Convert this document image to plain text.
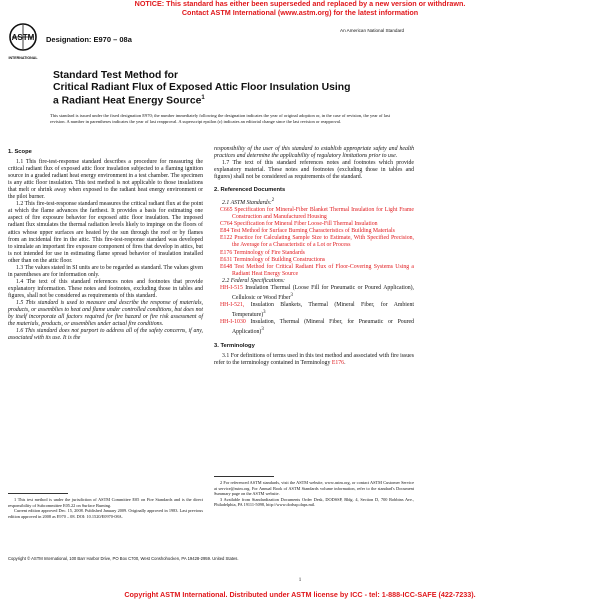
NOTICE: This standard has either been superseded and replaced by a new version or withdrawn.
Contact ASTM International (www.astm.org) for the latest information
ASTM
INTERNATIONAL
Designation: E970 – 08a
An American National Standard
Standard Test Method for
Critical Radiant Flux of Exposed Attic Floor Insulation Using
a Radiant Heat Energy Source$^1$
This standard is issued under the fixed designation E970; the number immediately following the designation indicates the year of original adoption or, in the case of revision, the year of last revision. A number in parentheses indicates the year of last reapproval. A superscript epsilon (ε) indicates an editorial change since the last revision or reapproval.

1. Scope

1.1 This fire-test-response standard describes a procedure for measuring the critical radiant flux of exposed attic floor insulation subjected to a flaming ignition source in a graded radiant heat energy environment in a test chamber. The specimen is any attic floor insulation. This test method is not applicable to those insulations that melt or shrink away when exposed to the radiant heat energy environment or the pilot burner.

1.2 This fire-test-response standard measures the critical radiant flux at the point at which the flame advances the farthest. It provides a basis for estimating one aspect of fire exposure behavior for exposed attic floor insulation. The imposed radiant flux simulates the thermal radiation levels likely to impinge on the floors of attics whose upper surfaces are heated by the sun through the roof or by flames from an incidental fire in the attic. This fire-test-response standard was developed to simulate an important fire exposure component of fires that develop in attics, but is not intended for use in estimating flame spread behavior of insulation installed other than on the attic floor.

1.3 The values stated in SI units are to be regarded as standard. The values given in parentheses are for information only.

1.4 The text of this standard references notes and footnotes that provide explanatory information. These notes and footnotes, excluding those in tables and figures, shall not be considered as requirements of this standard.

1.5 This standard is used to measure and describe the response of materials, products, or assemblies to heat and flame under controlled conditions, but does not by itself incorporate all factors required for fire hazard or fire risk assessment of the materials, products, or assemblies under actual fire conditions.

1.6 This standard does not purport to address all of the safety concerns, if any, associated with its use. It is the

responsibility of the user of this standard to establish appropriate safety and health practices and determine the applicability of regulatory limitations prior to use.

1.7 The text of this standard references notes and footnotes which provide explanatory material. These notes and footnotes (excluding those in tables and figures) shall not be considered as requirements of the standard.

2. Referenced Documents

2.1 ASTM Standards:$^2$

C665 Specification for Mineral-Fiber Blanket Thermal Insulation for Light Frame Construction and Manufactured Housing

C764 Specification for Mineral Fiber Loose-Fill Thermal Insulation

E84 Test Method for Surface Burning Characteristics of Building Materials

E122 Practice for Calculating Sample Size to Estimate, With Specified Precision, the Average for a Characteristic of a Lot or Process

E176 Terminology of Fire Standards

E631 Terminology of Building Constructions

E648 Test Method for Critical Radiant Flux of Floor-Covering Systems Using a Radiant Heat Energy Source

2.2 Federal Specifications:

HH-I-515 Insulation Thermal (Loose Fill for Pneumatic or Poured Application), Cellulosic or Wood Fiber$^3$

HH-I-521, Insulation Blankets, Thermal (Mineral Fiber, for Ambient Temperature)$^3$

HH-I-1030 Insulation, Thermal (Mineral Fiber, for Pneumatic or Poured Application)$^3$

3. Terminology

3.1 For definitions of terms used in this test method and associated with fire issues refer to the terminology contained in Terminology E176.

1 This test method is under the jurisdiction of ASTM Committee E05 on Fire Standards and is the direct responsibility of Subcommittee E05.22 on Surface Burning.

Current edition approved Dec. 15, 2008. Published January 2009. Originally approved in 1983. Last previous edition approved in 2008 as E970 – 08. DOI: 10.1520/E0970-08A.

2 For referenced ASTM standards, visit the ASTM website, www.astm.org, or contact ASTM Customer Service at service@astm.org. For Annual Book of ASTM Standards volume information, refer to the standard's Document Summary page on the ASTM website.

3 Available from Standardization Documents Order Desk, DODSSP, Bldg. 4, Section D, 700 Robbins Ave., Philadelphia, PA 19111-5098, http://www.dodssp.daps.mil.

Copyright © ASTM International, 100 Barr Harbor Drive, PO Box C700, West Conshohocken, PA 19428-2959. United States.
1
Copyright ASTM International. Distributed under ASTM license by ICC - tel: 1-888-ICC-SAFE (422-7233).
